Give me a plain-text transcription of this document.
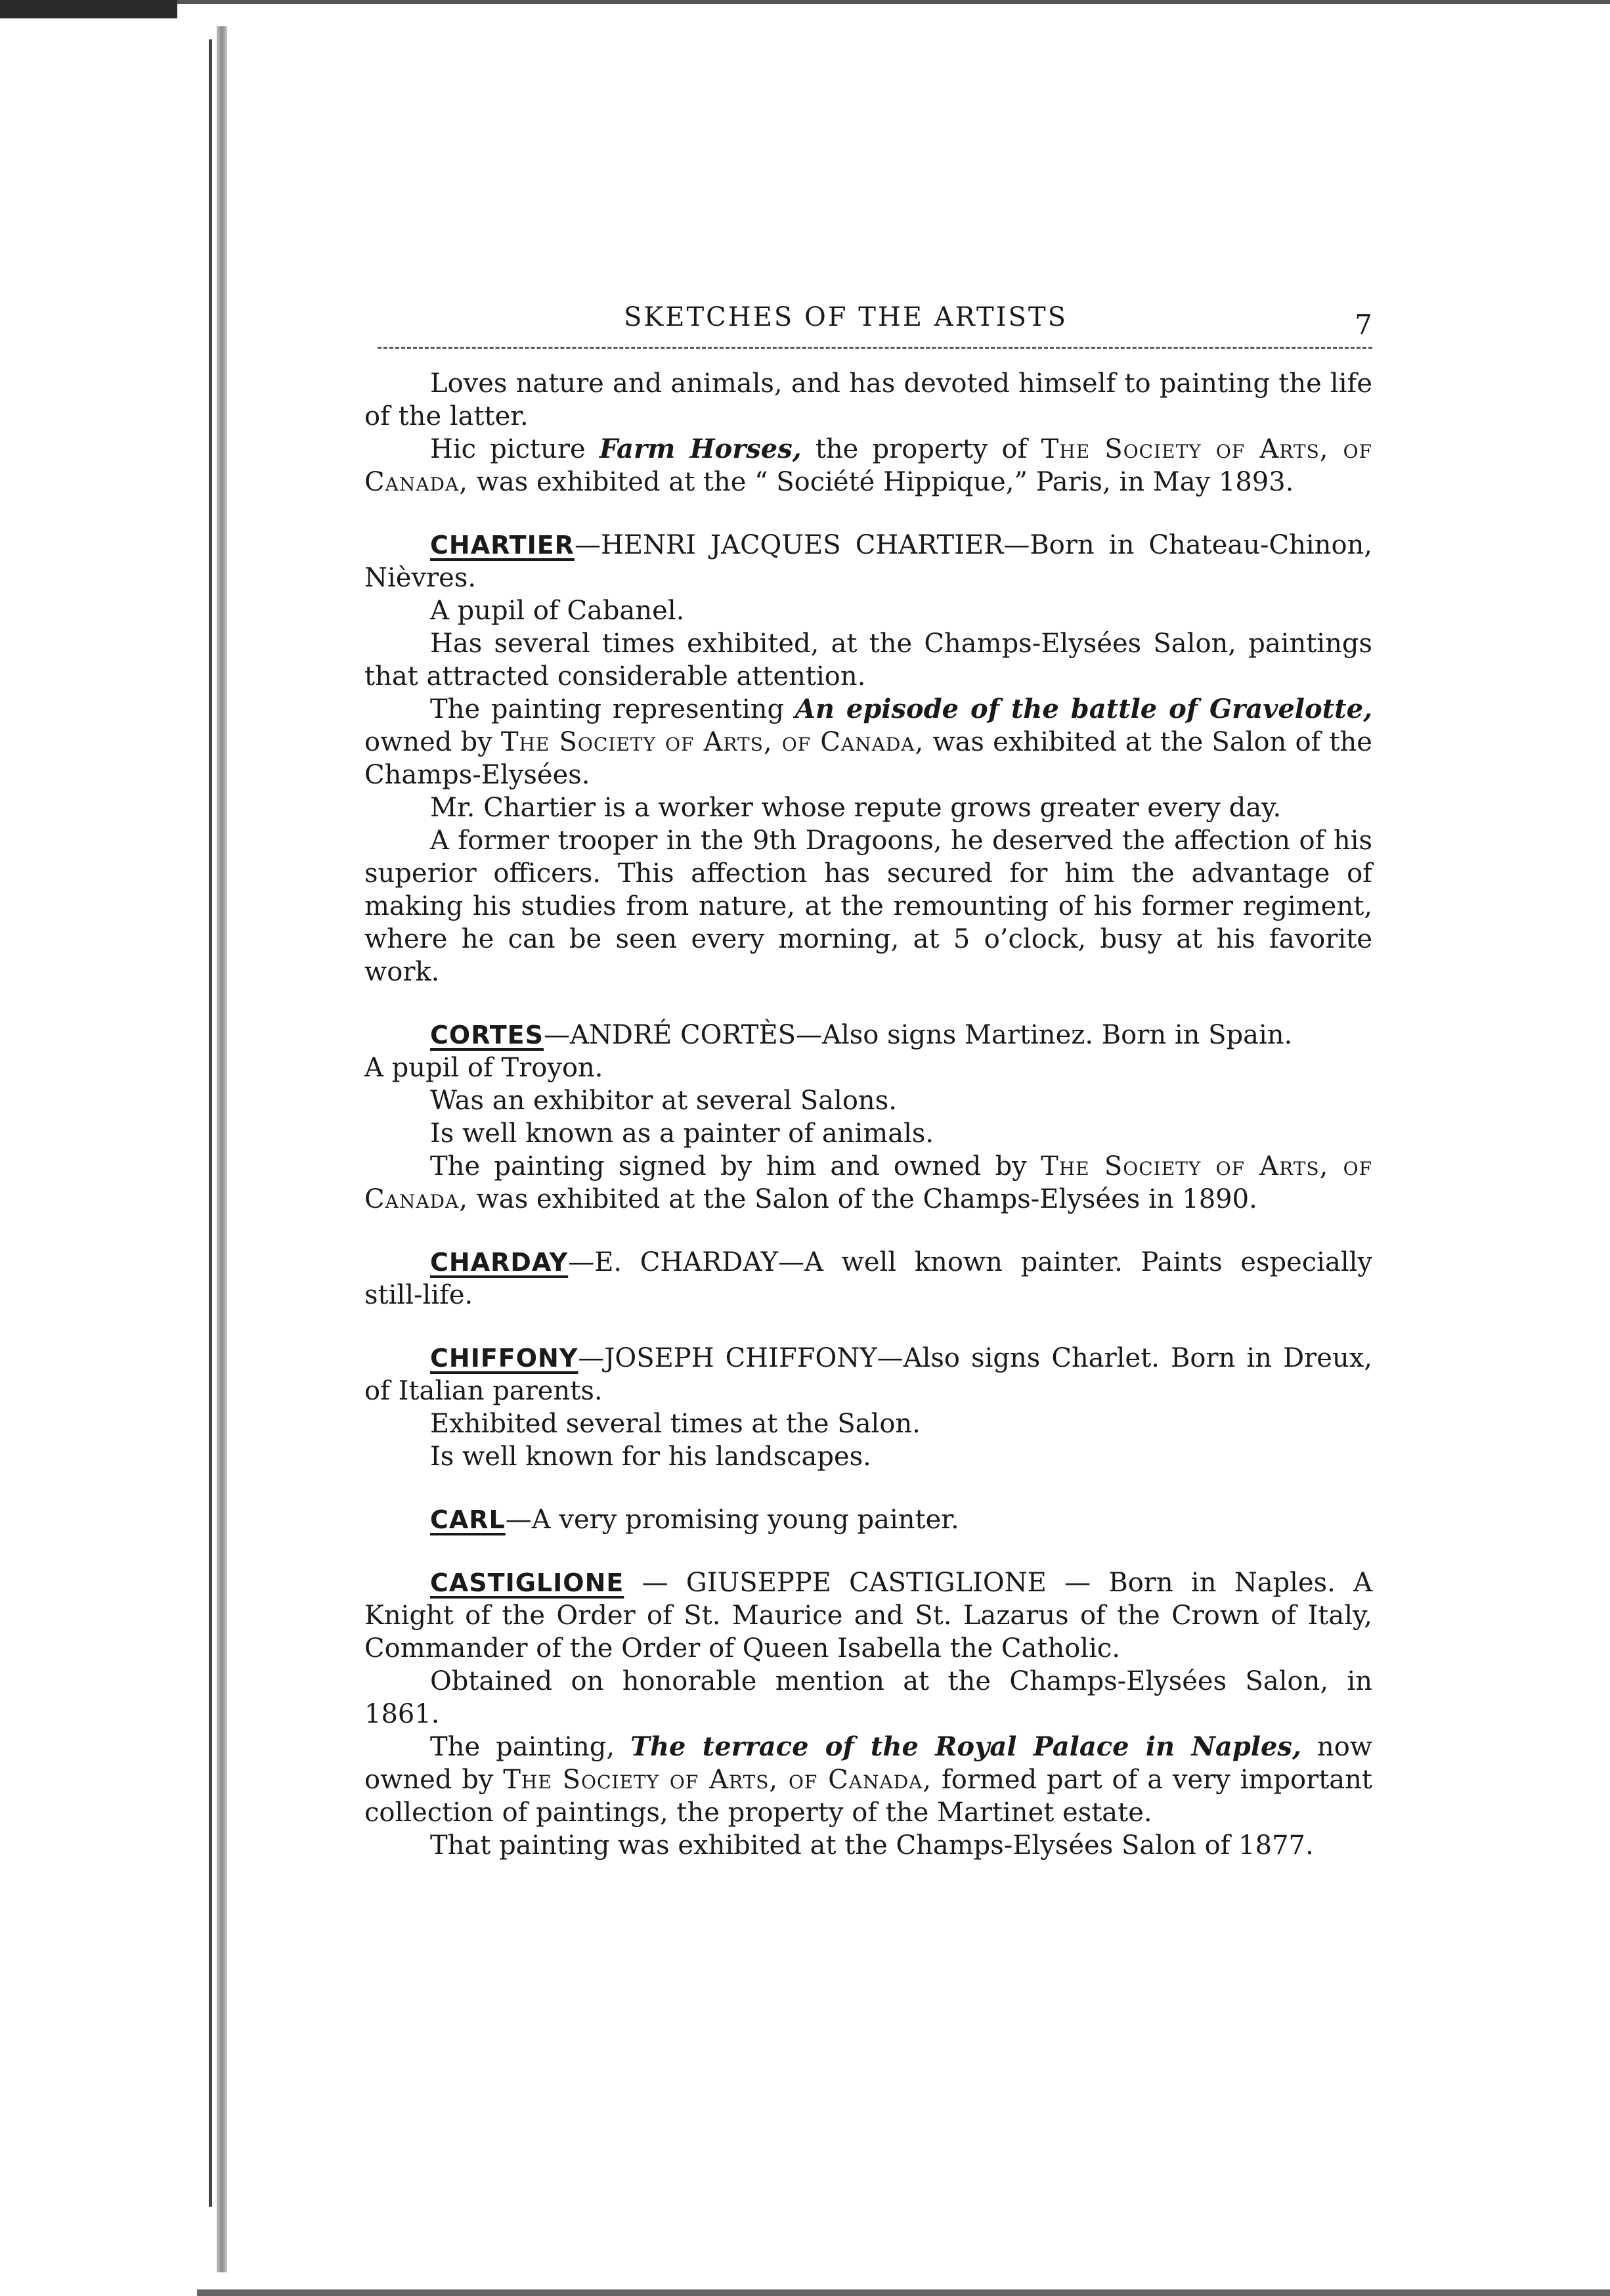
SKETCHES OF THE ARTISTS	7

Loves nature and animals, and has devoted himself to painting the life of the latter.

Hic picture Farm Horses, the property of The Society of Arts, of Canada, was exhibited at the “ Société Hippique,” Paris, in May 1893.

CHARTIER—HENRI JACQUES CHARTIER—Born in Chateau-Chinon, Nièvres.

A pupil of Cabanel.

Has several times exhibited, at the Champs-Elysées Salon, paintings that attracted considerable attention.

The painting representing An episode of the battle of Gravelotte, owned by The Society of Arts, of Canada, was exhibited at the Salon of the Champs-Elysées.

Mr. Chartier is a worker whose repute grows greater every day.

A former trooper in the 9th Dragoons, he deserved the affection of his superior officers. This affection has secured for him the advantage of making his studies from nature, at the remounting of his former regiment, where he can be seen every morning, at 5 o’clock, busy at his favorite work.

CORTES—ANDRÉ CORTÈS—Also signs Martinez. Born in Spain.

A pupil of Troyon.

Was an exhibitor at several Salons.

Is well known as a painter of animals.

The painting signed by him and owned by The Society of Arts, of Canada, was exhibited at the Salon of the Champs-Elysées in 1890.

CHARDAY—E. CHARDAY—A well known painter. Paints especially still-life.

CHIFFONY—JOSEPH CHIFFONY—Also signs Charlet. Born in Dreux, of Italian parents.

Exhibited several times at the Salon.

Is well known for his landscapes.

CARL—A very promising young painter.

CASTIGLIONE — GIUSEPPE CASTIGLIONE — Born in Naples. A Knight of the Order of St. Maurice and St. Lazarus of the Crown of Italy, Commander of the Order of Queen Isabella the Catholic.

Obtained on honorable mention at the Champs-Elysées Salon, in 1861.

The painting, The terrace of the Royal Palace in Naples, now owned by The Society of Arts, of Canada, formed part of a very important collection of paintings, the property of the Martinet estate.

That painting was exhibited at the Champs-Elysées Salon of 1877.
